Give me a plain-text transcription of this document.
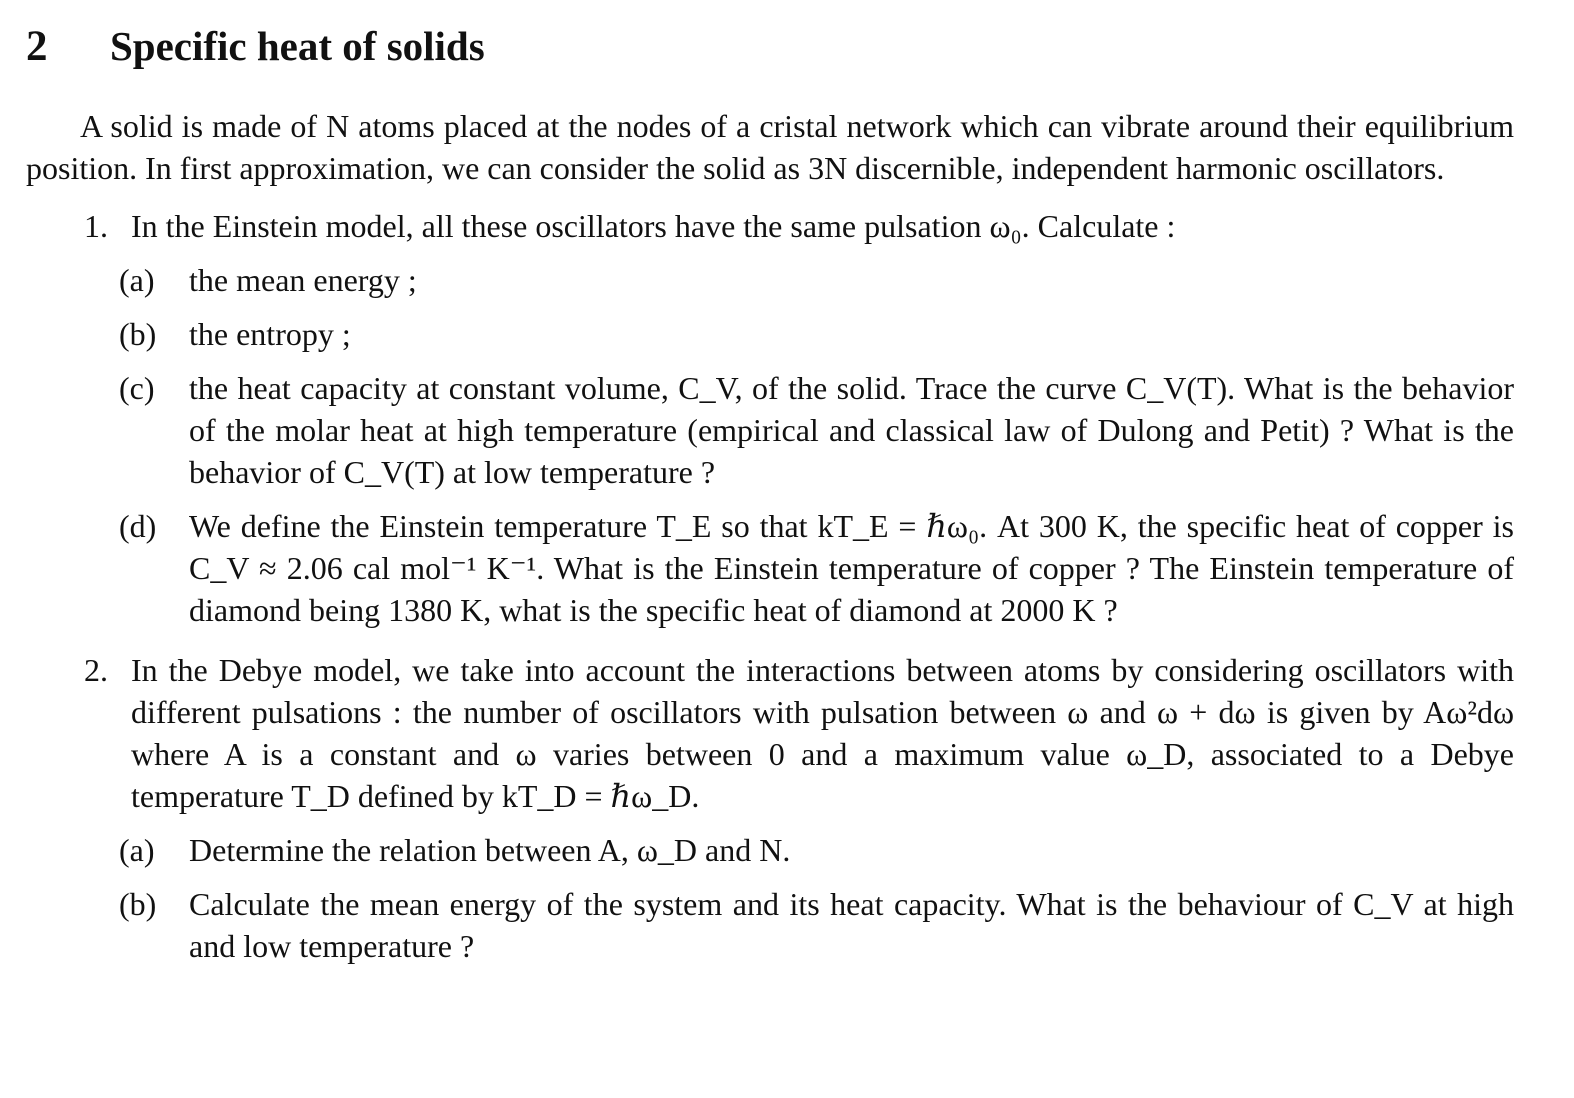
2	Specific heat of solids

A solid is made of N atoms placed at the nodes of a cristal network which can vibrate around their equilibrium position. In first approximation, we can consider the solid as 3N discernible, independent harmonic oscillators.

1. In the Einstein model, all these oscillators have the same pulsation ω₀. Calculate :
(a) the mean energy ;
(b) the entropy ;
(c) the heat capacity at constant volume, C_V, of the solid. Trace the curve C_V(T). What is the behavior of the molar heat at high temperature (empirical and classical law of Dulong and Petit) ? What is the behavior of C_V(T) at low temperature ?
(d) We define the Einstein temperature T_E so that kT_E = ℏω₀. At 300 K, the specific heat of copper is C_V ≈ 2.06 cal mol⁻¹ K⁻¹. What is the Einstein temperature of copper ? The Einstein temperature of diamond being 1380 K, what is the specific heat of diamond at 2000 K ?
2. In the Debye model, we take into account the interactions between atoms by considering oscillators with different pulsations : the number of oscillators with pulsation between ω and ω + dω is given by Aω²dω where A is a constant and ω varies between 0 and a maximum value ω_D, associated to a Debye temperature T_D defined by kT_D = ℏω_D.
(a) Determine the relation between A, ω_D and N.
(b) Calculate the mean energy of the system and its heat capacity. What is the behaviour of C_V at high and low temperature ?
